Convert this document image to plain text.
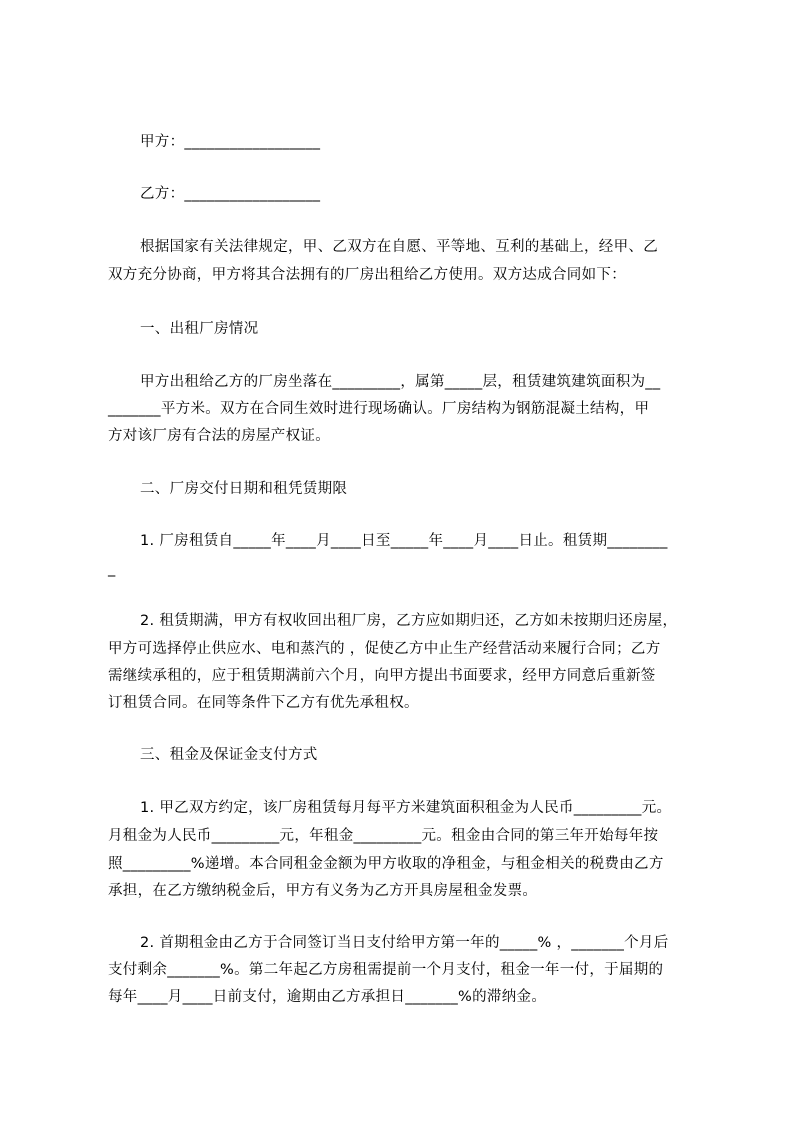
甲方：__________________
乙方：__________________
根据国家有关法律规定，甲、乙双方在自愿、平等地、互利的基础上，经甲、乙
双方充分协商，甲方将其合法拥有的厂房出租给乙方使用。双方达成合同如下：
一、出租厂房情况
甲方出租给乙方的厂房坐落在_________，属第_____层，租赁建筑建筑面积为__
_______平方米。双方在合同生效时进行现场确认。厂房结构为钢筋混凝土结构，甲
方对该厂房有合法的房屋产权证。
二、厂房交付日期和租凭赁期限
1. 厂房租赁自_____年____月____日至_____年____月____日止。租赁期________
_
2. 租赁期满，甲方有权收回出租厂房，乙方应如期归还，乙方如未按期归还房屋，
甲方可选择停止供应水、电和蒸汽的 ，促使乙方中止生产经营活动来履行合同；乙方
需继续承租的，应于租赁期满前六个月，向甲方提出书面要求，经甲方同意后重新签
订租赁合同。在同等条件下乙方有优先承租权。
三、租金及保证金支付方式
1. 甲乙双方约定，该厂房租赁每月每平方米建筑面积租金为人民币_________元。
月租金为人民币_________元，年租金_________元。租金由合同的第三年开始每年按
照_________%递增。本合同租金金额为甲方收取的净租金，与租金相关的税费由乙方
承担，在乙方缴纳税金后，甲方有义务为乙方开具房屋租金发票。
2. 首期租金由乙方于合同签订当日支付给甲方第一年的_____% ，_______个月后
支付剩余_______%。第二年起乙方房租需提前一个月支付，租金一年一付，于届期的
每年____月____日前支付，逾期由乙方承担日_______%的滞纳金。
